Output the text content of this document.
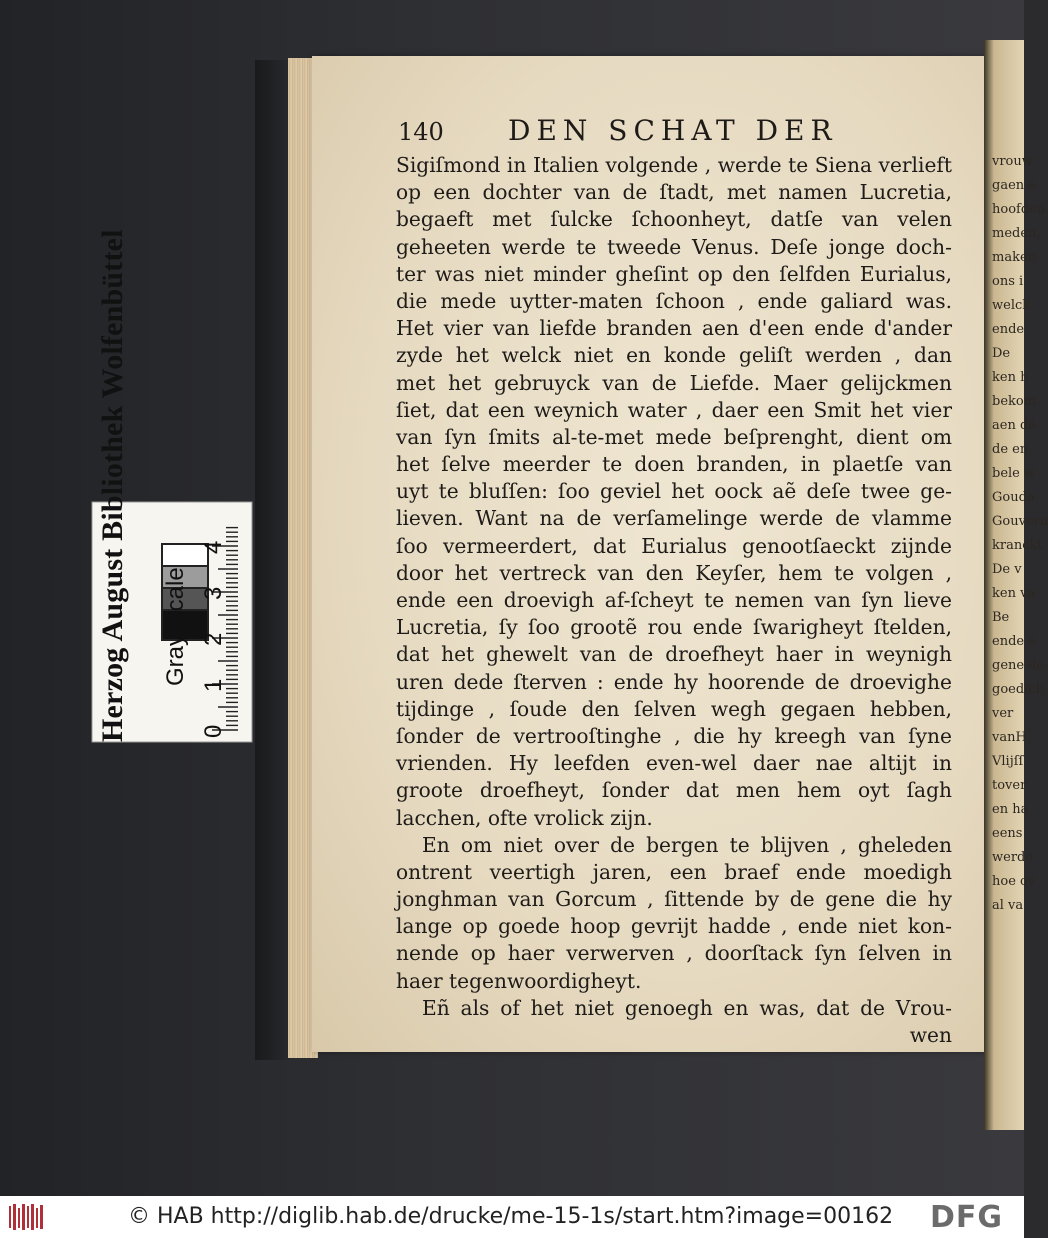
vrouw
gaen a
hoofden
meden,
maken
ons i
welck
ende
De
ken h
bekom
aen dá
de en
bele w
Gouda
Gouvern
kranckt
De v
ken va
Be
ende a
gene de
goedich
ver
vanH
Vlijſſ
tover
en ha
eens
werde
hoe ov
al va
140 DEN SCHAT DER
Sigiſmond in Italien volgende , werde te Siena verlieft
op een dochter van de ſtadt, met namen Lucretia,
begaeft met ſulcke ſchoonheyt, datſe van velen
geheeten werde te tweede Venus. Deſe jonge doch-
ter was niet minder gheſint op den ſelfden Eurialus,
die mede uytter-maten ſchoon , ende galiard was.
Het vier van liefde branden aen d'een ende d'ander
zyde het welck niet en konde geliſt werden , dan
met het gebruyck van de Liefde. Maer gelijckmen
ſiet, dat een weynich water , daer een Smit het vier
van ſyn ſmits al-te-met mede beſprenght, dient om
het ſelve meerder te doen branden, in plaetſe van
uyt te bluſſen: ſoo geviel het oock aẽ deſe twee ge-
lieven. Want na de verſamelinge werde de vlamme
ſoo vermeerdert, dat Eurialus genootſaeckt zijnde
door het vertreck van den Keyſer, hem te volgen ,
ende een droevigh af-ſcheyt te nemen van ſyn lieve
Lucretia, ſy ſoo grootẽ rou ende ſwarigheyt ſtelden,
dat het ghewelt van de droefheyt haer in weynigh
uren dede ſterven : ende hy hoorende de droevighe
tijdinge , ſoude den ſelven wegh gegaen hebben,
ſonder de vertrooſtinghe , die hy kreegh van ſyne
vrienden. Hy leefden even-wel daer nae altijt in
groote droefheyt, ſonder dat men hem oyt ſagh
lacchen, ofte vrolick zijn.
En om niet over de bergen te blijven , gheleden
ontrent veertigh jaren, een braef ende moedigh
jonghman van Gorcum , ſittende by de gene die hy
lange op goede hoop gevrijt hadde , ende niet kon-
nende op haer verwerven , doorſtack ſyn ſelven in
haer tegenwoordigheyt.
Eñ als of het niet genoegh en was, dat de Vrou-
wen
Herzog August Bibliothek Wolfenbüttel Gray Scale
0
1
2
3
4
© HAB http://diglib.hab.de/drucke/me-15-1s/start.htm?image=00162 DFG
